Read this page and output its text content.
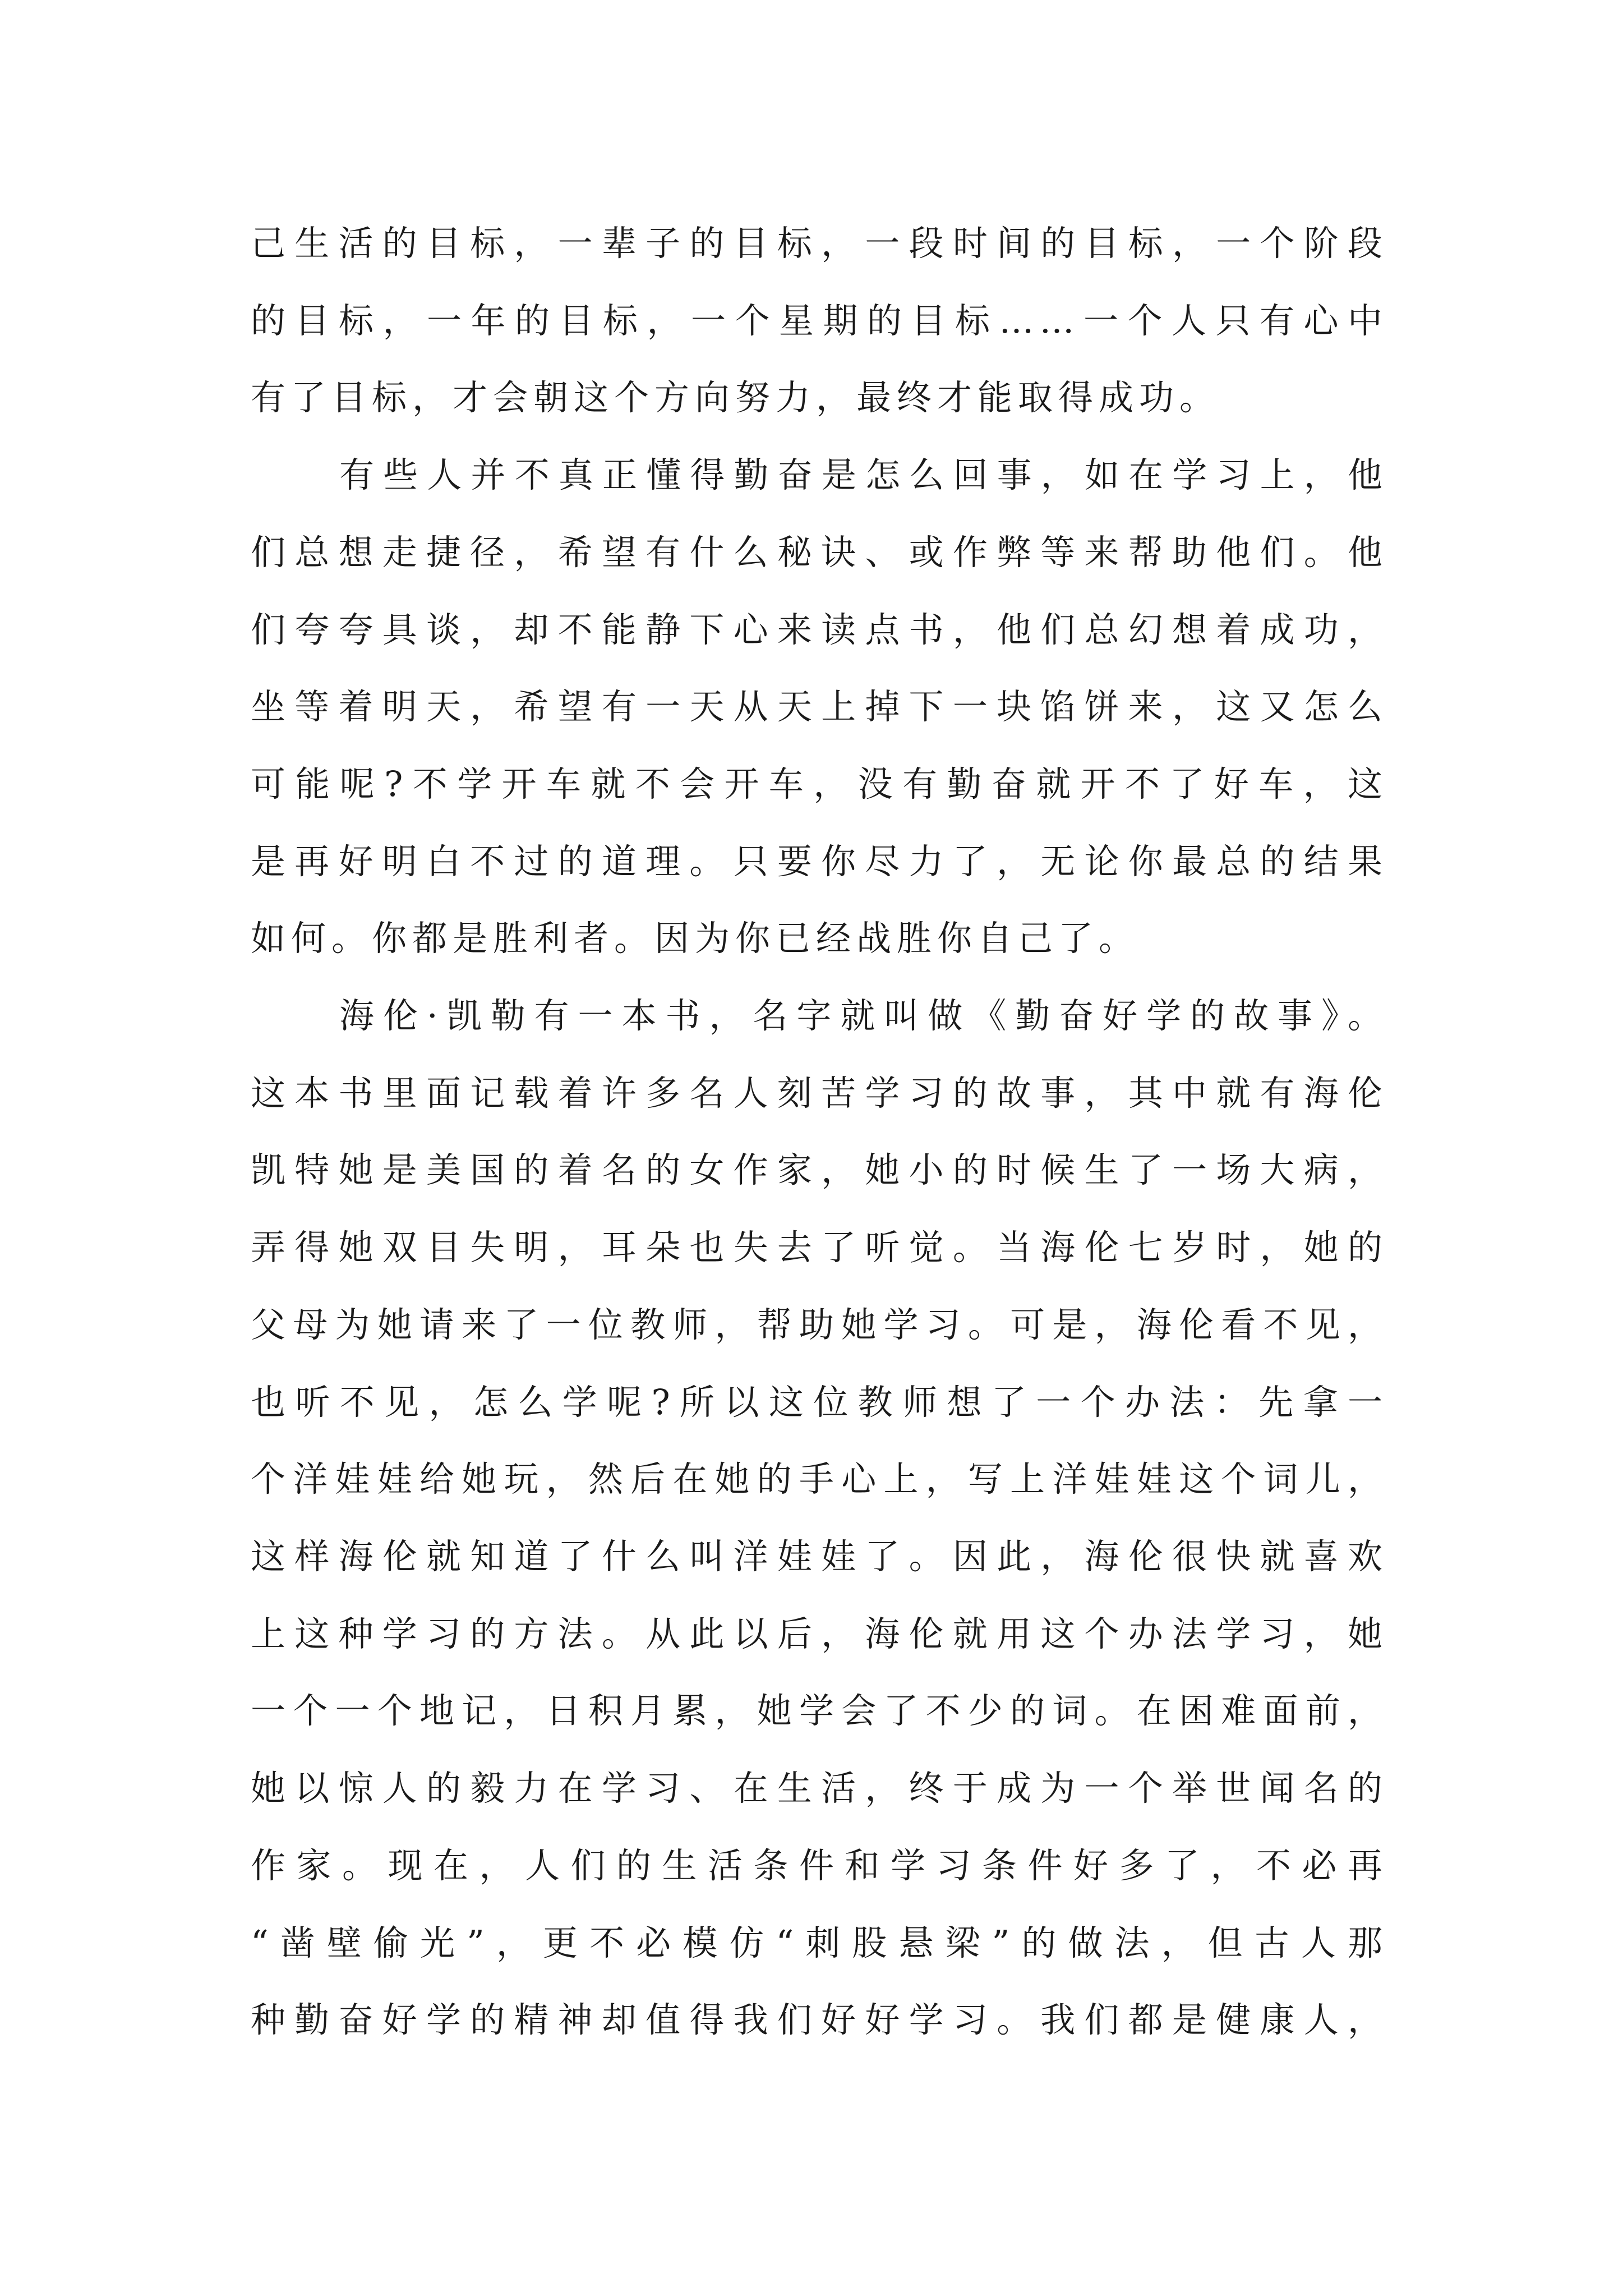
己生活的目标，一辈子的目标，一段时间的目标，一个阶段
的目标，一年的目标，一个星期的目标……一个人只有心中
有了目标，才会朝这个方向努力，最终才能取得成功。
有些人并不真正懂得勤奋是怎么回事，如在学习上，他
们总想走捷径，希望有什么秘诀、或作弊等来帮助他们。他
们夸夸具谈，却不能静下心来读点书，他们总幻想着成功，
坐等着明天，希望有一天从天上掉下一块馅饼来，这又怎么
可能呢?不学开车就不会开车，没有勤奋就开不了好车，这
是再好明白不过的道理。只要你尽力了，无论你最总的结果
如何。你都是胜利者。因为你已经战胜你自己了。
海伦·凯勒有一本书，名字就叫做《勤奋好学的故事》。
这本书里面记载着许多名人刻苦学习的故事，其中就有海伦
凯特她是美国的着名的女作家，她小的时候生了一场大病，
弄得她双目失明，耳朵也失去了听觉。当海伦七岁时，她的
父母为她请来了一位教师，帮助她学习。可是，海伦看不见，
也听不见，怎么学呢?所以这位教师想了一个办法：先拿一
个洋娃娃给她玩，然后在她的手心上，写上洋娃娃这个词儿，
这样海伦就知道了什么叫洋娃娃了。因此，海伦很快就喜欢
上这种学习的方法。从此以后，海伦就用这个办法学习，她
一个一个地记，日积月累，她学会了不少的词。在困难面前，
她以惊人的毅力在学习、在生活，终于成为一个举世闻名的
作家。现在，人们的生活条件和学习条件好多了，不必再
“凿壁偷光”，更不必模仿“刺股悬梁”的做法，但古人那
种勤奋好学的精神却值得我们好好学习。我们都是健康人，
